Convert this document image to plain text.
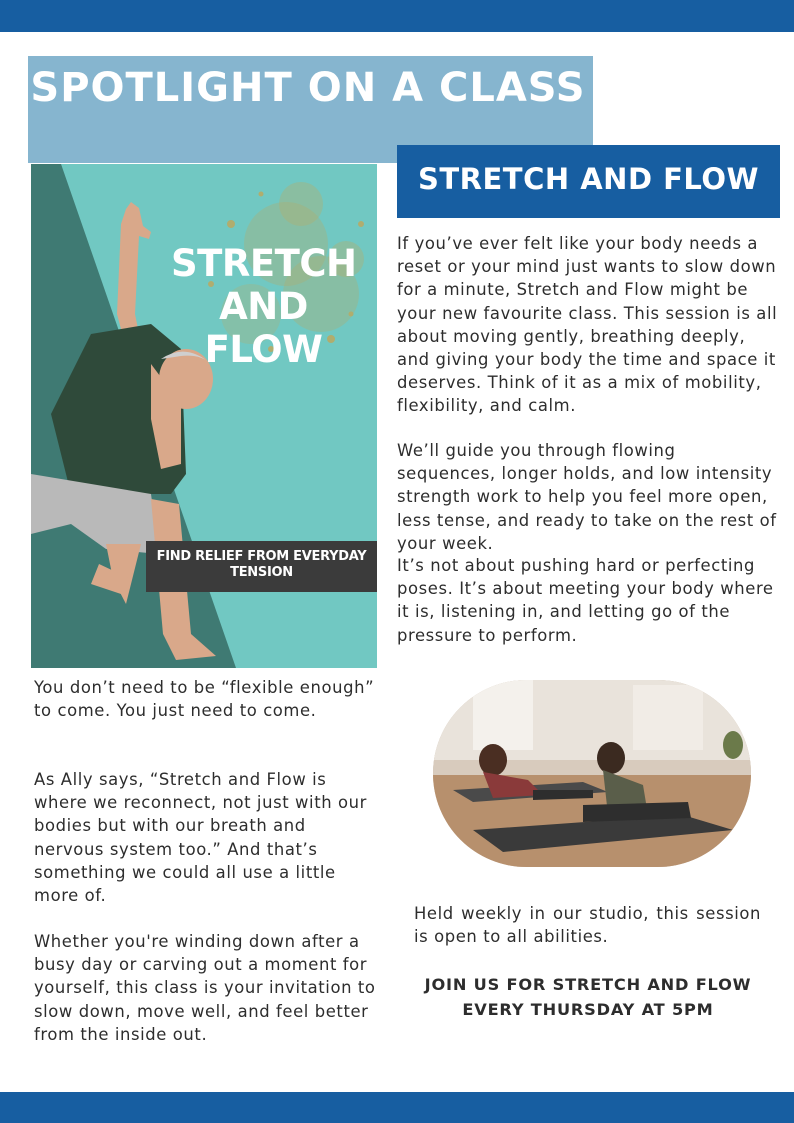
SPOTLIGHT ON A CLASS
STRETCH AND FLOW
FIND RELIEF FROM EVERYDAY TENSION
STRETCH AND FLOW

If you’ve ever felt like your body needs a reset or your mind just wants to slow down for a minute, Stretch and Flow might be your new favourite class. This session is all about moving gently, breathing deeply, and giving your body the time and space it deserves. Think of it as a mix of mobility, flexibility, and calm.

We’ll guide you through flowing sequences, longer holds, and low intensity strength work to help you feel more open, less tense, and ready to take on the rest of your week.

It’s not about pushing hard or perfecting poses. It’s about meeting your body where it is, listening in, and letting go of the pressure to perform.

You don’t need to be “flexible enough” to come. You just need to come.

As Ally says, “Stretch and Flow is where we reconnect, not just with our bodies but with our breath and nervous system too.” And that’s something we could all use a little more of.

Whether you're winding down after a busy day or carving out a moment for yourself, this class is your invitation to slow down, move well, and feel better from the inside out.

Held weekly in our studio, this session is open to all abilities.

JOIN US FOR STRETCH AND FLOW
EVERY THURSDAY AT 5PM
